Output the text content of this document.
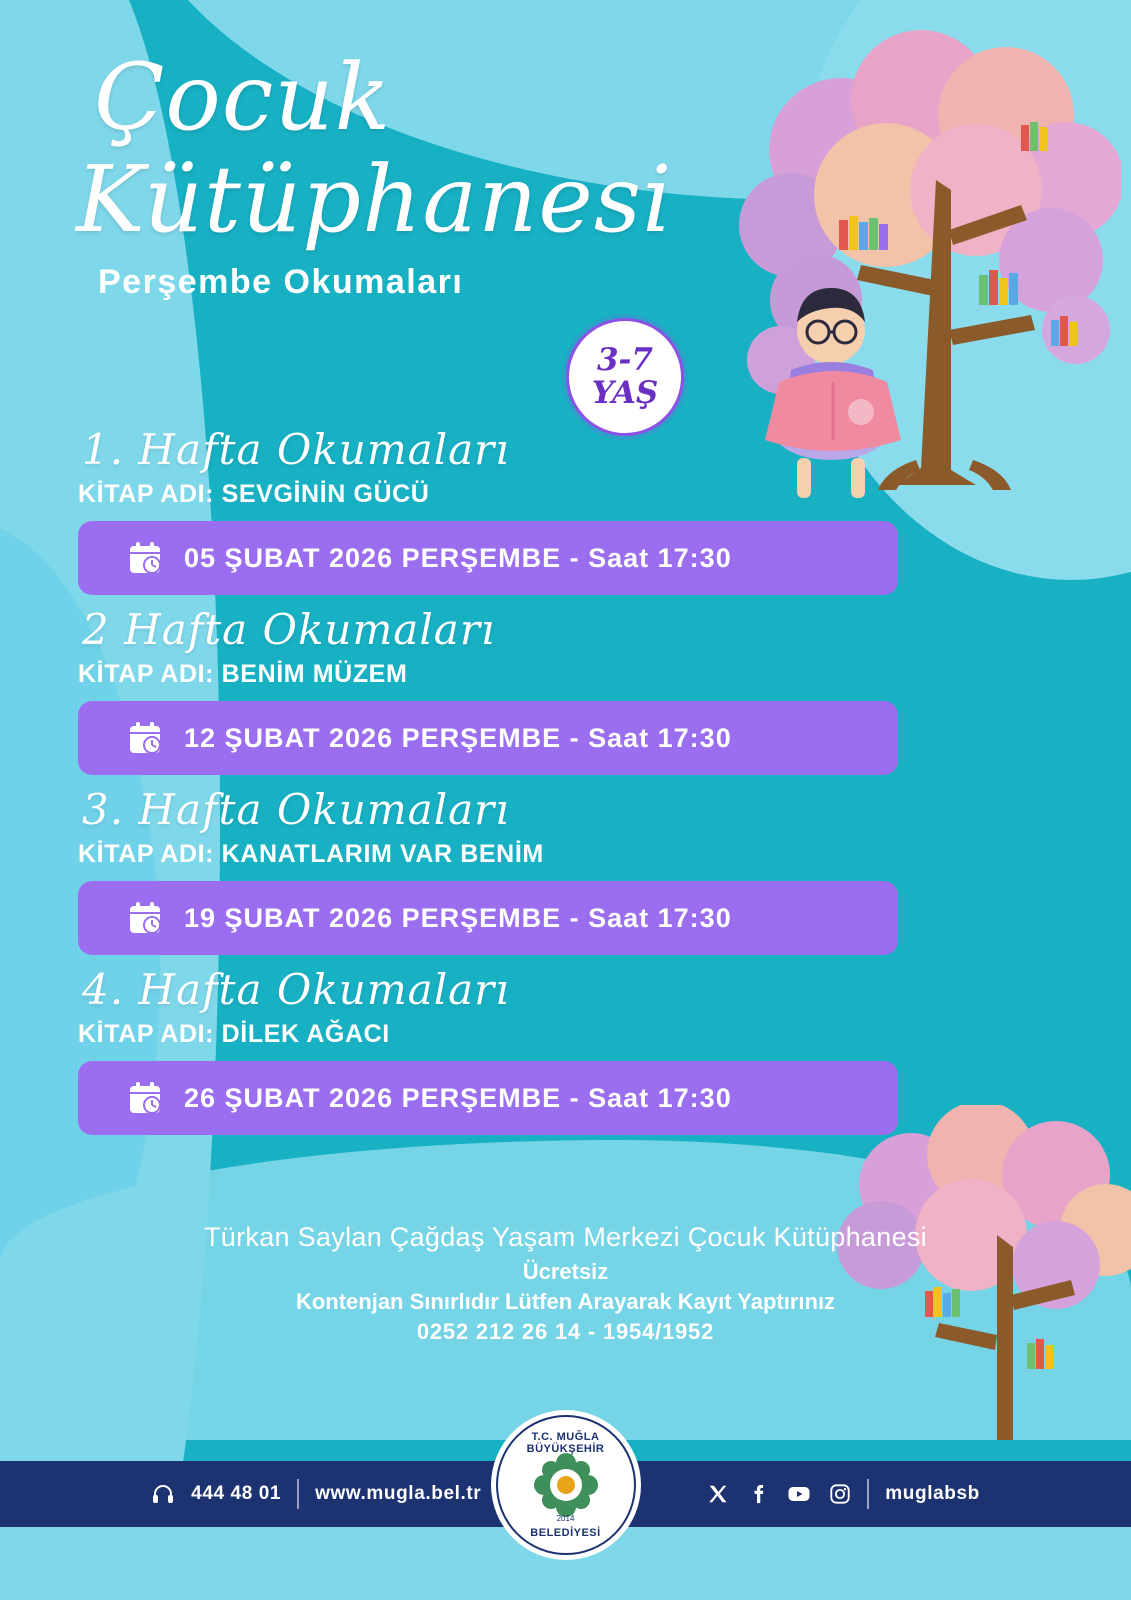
Çocuk
Kütüphanesi
Perşembe Okumaları
3-7
YAŞ
1. Hafta Okumaları
KİTAP ADI: SEVGİNİN GÜCÜ
05 ŞUBAT 2026 PERŞEMBE - Saat 17:30
2 Hafta Okumaları
KİTAP ADI: BENİM MÜZEM
12 ŞUBAT 2026 PERŞEMBE - Saat 17:30
3. Hafta Okumaları
KİTAP ADI: KANATLARIM VAR BENİM
19 ŞUBAT 2026 PERŞEMBE - Saat 17:30
4. Hafta Okumaları
KİTAP ADI: DİLEK AĞACI
26 ŞUBAT 2026 PERŞEMBE - Saat 17:30
Türkan Saylan Çağdaş Yaşam Merkezi Çocuk Kütüphanesi
Ücretsiz
Kontenjan Sınırlıdır Lütfen Arayarak Kayıt Yaptırınız
0252 212 26 14 - 1954/1952
444 48 01 www.mugla.bel.tr	muglabsb
T.C. MUĞLA BÜYÜKŞEHİR
2014
BELEDİYESİ
